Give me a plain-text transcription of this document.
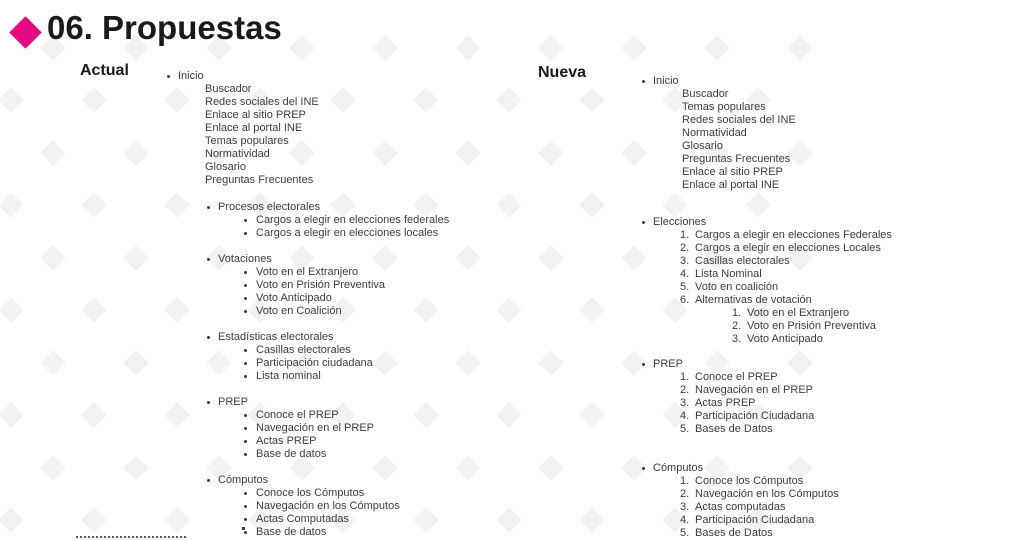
06. Propuestas
Actual	Nueva
Inicio
Buscador
Redes sociales del INE
Enlace al sitio PREP
Enlace al portal INE
Temas populares
Normatividad
Glosario
Preguntas Frecuentes
Procesos electorales
Cargos a elegir en elecciones federales
Cargos a elegir en elecciones locales
Votaciones
Voto en el Extranjero
Voto en Prisión Preventiva
Voto Anticipado
Voto en Coalición
Estadísticas electorales
Casillas electorales
Participación ciudadana
Lista nominal
PREP
Conoce el PREP
Navegación en el PREP
Actas PREP
Base de datos
Cómputos
Conoce los Cómputos
Navegación en los Cómputos
Actas Computadas
Base de datos
Inicio
Buscador
Temas populares
Redes sociales del INE
Normatividad
Glosario
Preguntas Frecuentes
Enlace al sitio PREP
Enlace al portal INE
Elecciones
1. Cargos a elegir en elecciones Federales
2. Cargos a elegir en elecciones Locales
3. Casillas electorales
4. Lista Nominal
5. Voto en coalición
6. Alternativas de votación
1. Voto en el Extranjero
2. Voto en Prisión Preventiva
3. Voto Anticipado
PREP
1. Conoce el PREP
2. Navegación en el PREP
3. Actas PREP
4. Participación Ciudadana
5. Bases de Datos
Cómputos
1. Conoce los Cómputos
2. Navegación en los Cómputos
3. Actas computadas
4. Participación Ciudadana
5. Bases de Datos
